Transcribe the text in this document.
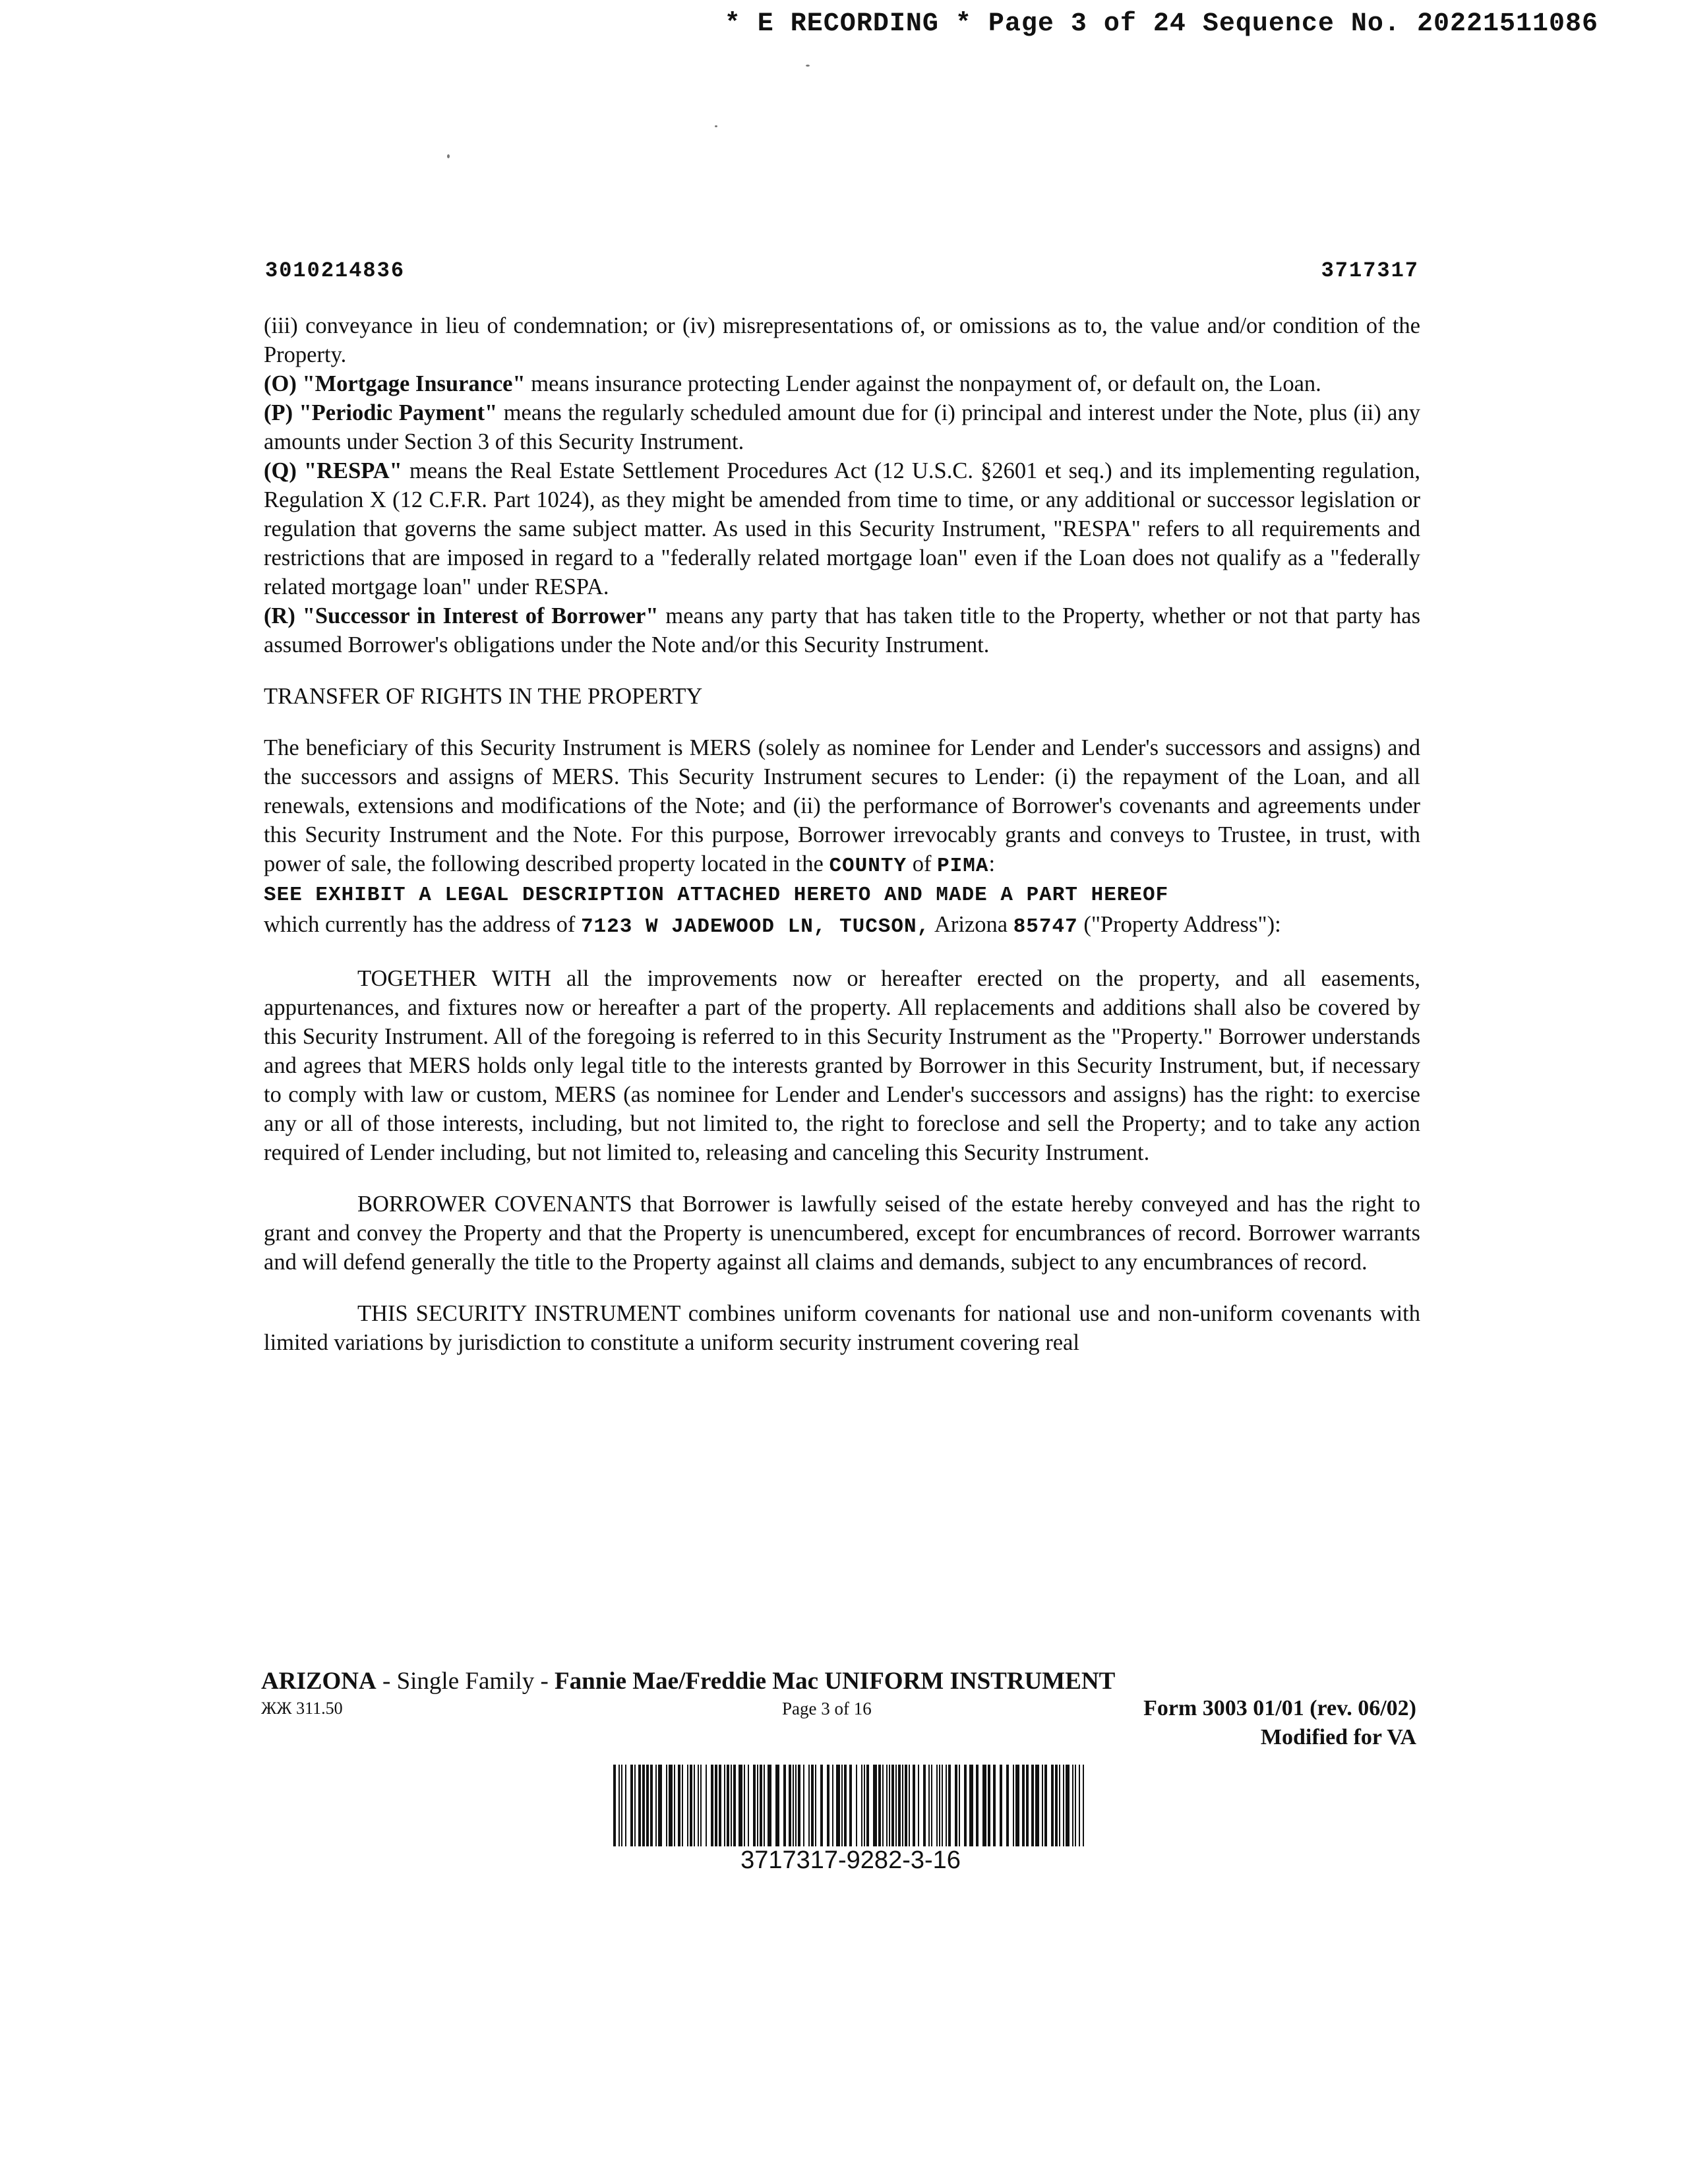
* E RECORDING * Page 3 of 24 Sequence No. 20221511086
3010214836	3717317

(iii) conveyance in lieu of condemnation; or (iv) misrepresentations of, or omissions as to, the value and/or condition of the Property.

(O) "Mortgage Insurance" means insurance protecting Lender against the nonpayment of, or default on, the Loan.

(P) "Periodic Payment" means the regularly scheduled amount due for (i) principal and interest under the Note, plus (ii) any amounts under Section 3 of this Security Instrument.

(Q) "RESPA" means the Real Estate Settlement Procedures Act (12 U.S.C. §2601 et seq.) and its implementing regulation, Regulation X (12 C.F.R. Part 1024), as they might be amended from time to time, or any additional or successor legislation or regulation that governs the same subject matter. As used in this Security Instrument, "RESPA" refers to all requirements and restrictions that are imposed in regard to a "federally related mortgage loan" even if the Loan does not qualify as a "federally related mortgage loan" under RESPA.

(R) "Successor in Interest of Borrower" means any party that has taken title to the Property, whether or not that party has assumed Borrower's obligations under the Note and/or this Security Instrument.

TRANSFER OF RIGHTS IN THE PROPERTY

The beneficiary of this Security Instrument is MERS (solely as nominee for Lender and Lender's successors and assigns) and the successors and assigns of MERS. This Security Instrument secures to Lender: (i) the repayment of the Loan, and all renewals, extensions and modifications of the Note; and (ii) the performance of Borrower's covenants and agreements under this Security Instrument and the Note. For this purpose, Borrower irrevocably grants and conveys to Trustee, in trust, with power of sale, the following described property located in the COUNTY of PIMA:
SEE EXHIBIT A LEGAL DESCRIPTION ATTACHED HERETO AND MADE A PART HEREOF
which currently has the address of 7123 W JADEWOOD LN, TUCSON, Arizona 85747 ("Property Address"):

TOGETHER WITH all the improvements now or hereafter erected on the property, and all easements, appurtenances, and fixtures now or hereafter a part of the property. All replacements and additions shall also be covered by this Security Instrument. All of the foregoing is referred to in this Security Instrument as the "Property." Borrower understands and agrees that MERS holds only legal title to the interests granted by Borrower in this Security Instrument, but, if necessary to comply with law or custom, MERS (as nominee for Lender and Lender's successors and assigns) has the right: to exercise any or all of those interests, including, but not limited to, the right to foreclose and sell the Property; and to take any action required of Lender including, but not limited to, releasing and canceling this Security Instrument.

BORROWER COVENANTS that Borrower is lawfully seised of the estate hereby conveyed and has the right to grant and convey the Property and that the Property is unencumbered, except for encumbrances of record. Borrower warrants and will defend generally the title to the Property against all claims and demands, subject to any encumbrances of record.

THIS SECURITY INSTRUMENT combines uniform covenants for national use and non-uniform covenants with limited variations by jurisdiction to constitute a uniform security instrument covering real

ARIZONA - Single Family - Fannie Mae/Freddie Mac UNIFORM INSTRUMENT
ЖЖ 311.50	Page 3 of 16	Form 3003 01/01 (rev. 06/02)
Modified for VA
3717317-9282-3-16
